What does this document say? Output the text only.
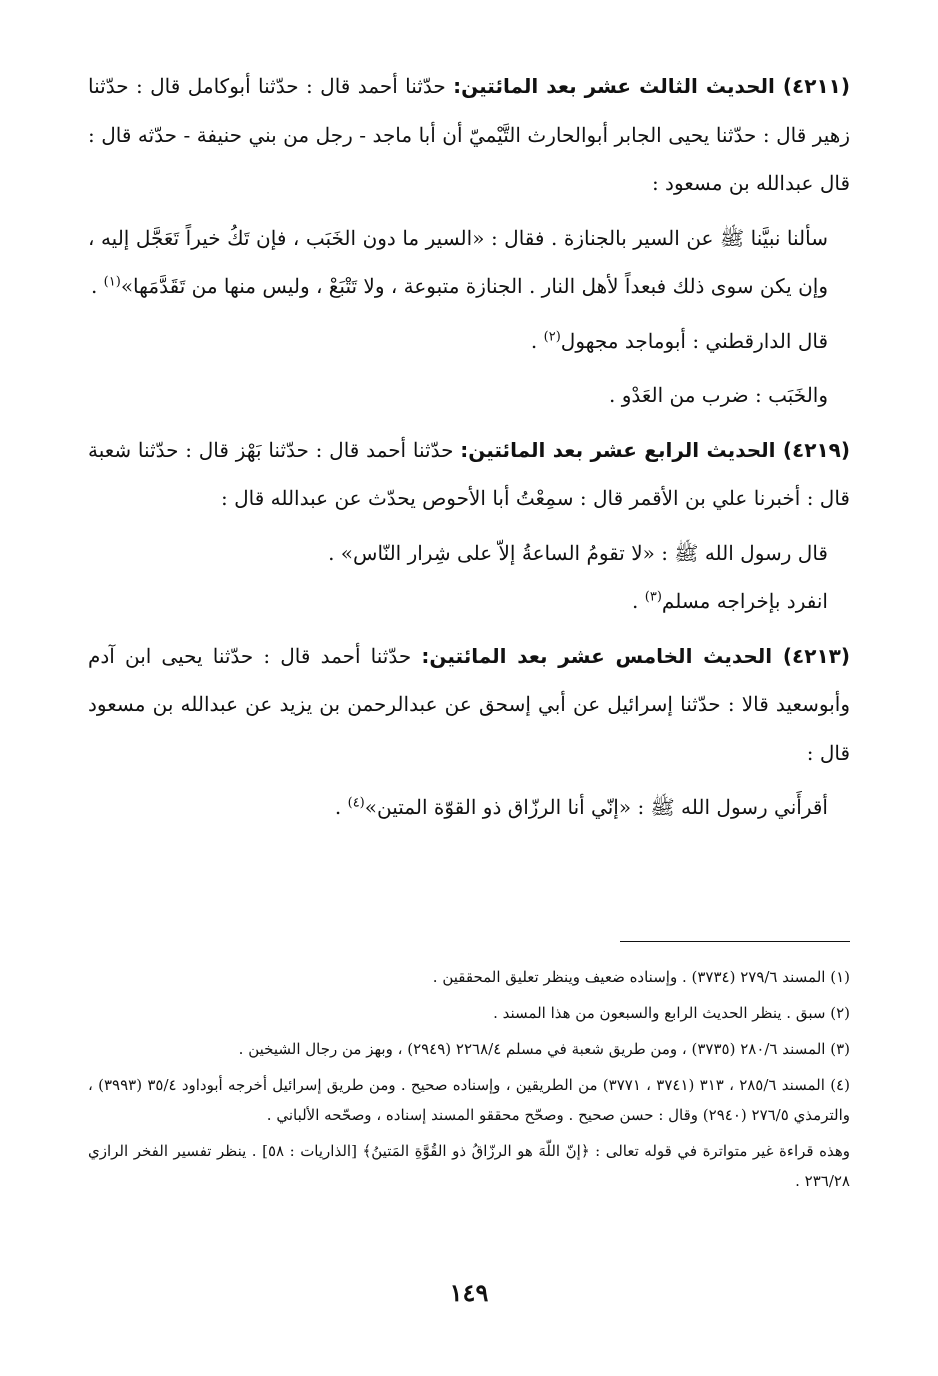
(٤٢١١) الحديث الثالث عشر بعد المائتين: حدّثنا أحمد قال : حدّثنا أبوكامل قال : حدّثنا زهير قال : حدّثنا يحيى الجابر أبوالحارث التَّيْميّ أن أبا ماجد - رجل من بني حنيفة - حدّثه قال : قال عبدالله بن مسعود :

سألنا نبيَّنا ﷺ عن السير بالجنازة . فقال : «السير ما دون الخَبَب ، فإن تَكُ خيراً تَعَجَّل إليه ، وإن يكن سوى ذلك فبعداً لأهل النار . الجنازة متبوعة ، ولا تَتْبَعْ ، وليس منها من تَقَدَّمَها»$^{(١)}$ .

قال الدارقطني : أبوماجد مجهول$^{(٢)}$ .

والخَبَب : ضرب من العَدْو .

(٤٢١٩) الحديث الرابع عشر بعد المائتين: حدّثنا أحمد قال : حدّثنا بَهْز قال : حدّثنا شعبة قال : أخبرنا علي بن الأقمر قال : سمِعْتُ أبا الأحوص يحدّث عن عبدالله قال :

قال رسول الله ﷺ : «لا تقومُ الساعةُ إلاّ على شِرار النّاس» .

انفرد بإخراجه مسلم$^{(٣)}$ .

(٤٢١٣) الحديث الخامس عشر بعد المائتين: حدّثنا أحمد قال : حدّثنا يحيى ابن آدم وأبوسعيد قالا : حدّثنا إسرائيل عن أبي إسحق عن عبدالرحمن بن يزيد عن عبدالله بن مسعود قال :

أقرأَني رسول الله ﷺ : «إنّي أنا الرزّاق ذو القوّة المتين»$^{(٤)}$ .

(١) المسند ٢٧٩/٦ (٣٧٣٤) . وإسناده ضعيف وينظر تعليق المحققين .

(٢) سبق . ينظر الحديث الرابع والسبعون من هذا المسند .

(٣) المسند ٢٨٠/٦ (٣٧٣٥) ، ومن طريق شعبة في مسلم ٢٢٦٨/٤ (٢٩٤٩) ، وبهز من رجال الشيخين .

(٤) المسند ٢٨٥/٦ ، ٣١٣ (٣٧٤١ ، ٣٧٧١) من الطريقين ، وإسناده صحيح . ومن طريق إسرائيل أخرجه أبوداود ٣٥/٤ (٣٩٩٣) ، والترمذي ٢٧٦/٥ (٢٩٤٠) وقال : حسن صحيح . وصحّح محققو المسند إسناده ، وصحّحه الألباني .

وهذه قراءة غير متواترة في قوله تعالى : ﴿إنّ اللّهَ هو الرزّاقُ ذو القُوَّةِ المَتينُ﴾ [الذاريات : ٥٨] . ينظر تفسير الفخر الرازي ٢٣٦/٢٨ .

١٤٩
